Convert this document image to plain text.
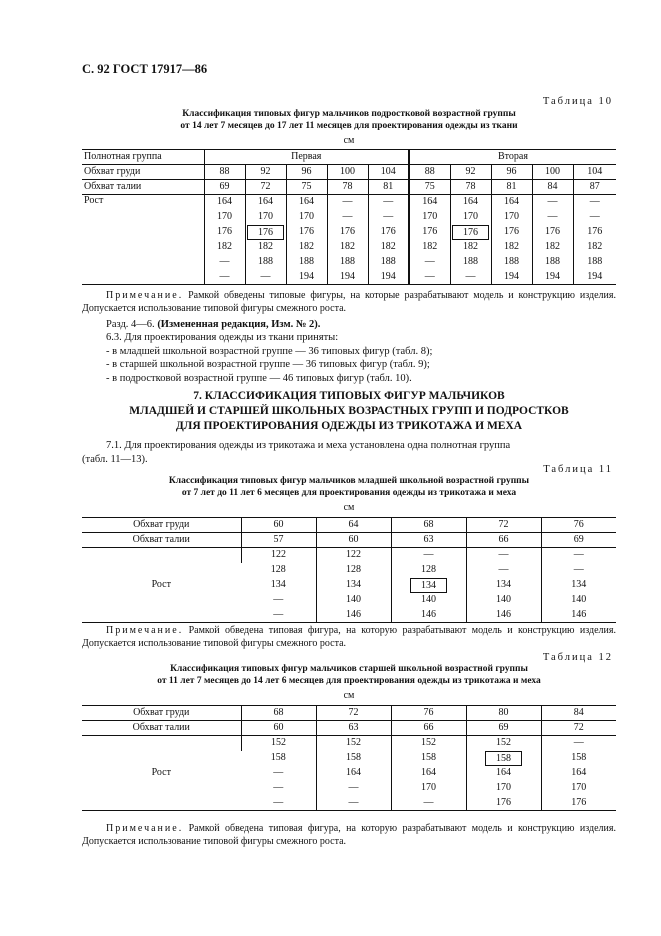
С. 92 ГОСТ 17917—86
Таблица 10
Классификация типовых фигур мальчиков подростковой возрастной группы
от 14 лет 7 месяцев до 17 лет 11 месяцев для проектирования одежды из ткани
см
Полнотная группа	Первая					Вторая				
Обхват груди	88	92	96	100	104	88	92	96	100	104
Обхват талии	69	72	75	78	81	75	78	81	84	87
Рост	164	164	164	—	—	164	164	164	—	—
	170	170	170	—	—	170	170	170	—	—
	176	176	176	176	176	176	176	176	176	176
	182	182	182	182	182	182	182	182	182	182
	—	188	188	188	188	—	188	188	188	188
	—	—	194	194	194	—	—	194	194	194
Примечание. Рамкой обведены типовые фигуры, на которые разрабатывают модель и конструкцию изделия. Допускается использование типовой фигуры смежного роста.
Разд. 4—6. (Измененная редакция, Изм. № 2).
6.3. Для проектирования одежды из ткани приняты:
- в младшей школьной возрастной группе — 36 типовых фигур (табл. 8);
- в старшей школьной возрастной группе — 36 типовых фигур (табл. 9);
- в подростковой возрастной группе — 46 типовых фигур (табл. 10).
7. КЛАССИФИКАЦИЯ ТИПОВЫХ ФИГУР МАЛЬЧИКОВ
МЛАДШЕЙ И СТАРШЕЙ ШКОЛЬНЫХ ВОЗРАСТНЫХ ГРУПП И ПОДРОСТКОВ
ДЛЯ ПРОЕКТИРОВАНИЯ ОДЕЖДЫ ИЗ ТРИКОТАЖА И МЕХА
7.1. Для проектирования одежды из трикотажа и меха установлена одна полнотная группа
(табл. 11—13).
Таблица 11
Классификация типовых фигур мальчиков младшей школьной возрастной группы
от 7 лет до 11 лет 6 месяцев для проектирования одежды из трикотажа и меха
см
Обхват груди	60	64	68	72	76
Обхват талии	57	60	63	66	69
Рост	122	122	—	—	—
	128	128	128	—	—
	134	134	134	134	134
	—	140	140	140	140
	—	146	146	146	146
Примечание. Рамкой обведена типовая фигура, на которую разрабатывают модель и конструкцию изделия. Допускается использование типовой фигуры смежного роста.
Таблица 12
Классификация типовых фигур мальчиков старшей школьной возрастной группы
от 11 лет 7 месяцев до 14 лет 6 месяцев для проектирования одежды из трикотажа и меха
см
Обхват груди	68	72	76	80	84
Обхват талии	60	63	66	69	72
Рост	152	152	152	152	—
	158	158	158	158	158
	—	164	164	164	164
	—	—	170	170	170
	—	—	—	176	176
Примечание. Рамкой обведена типовая фигура, на которую разрабатывают модель и конструкцию изделия. Допускается использование типовой фигуры смежного роста.
